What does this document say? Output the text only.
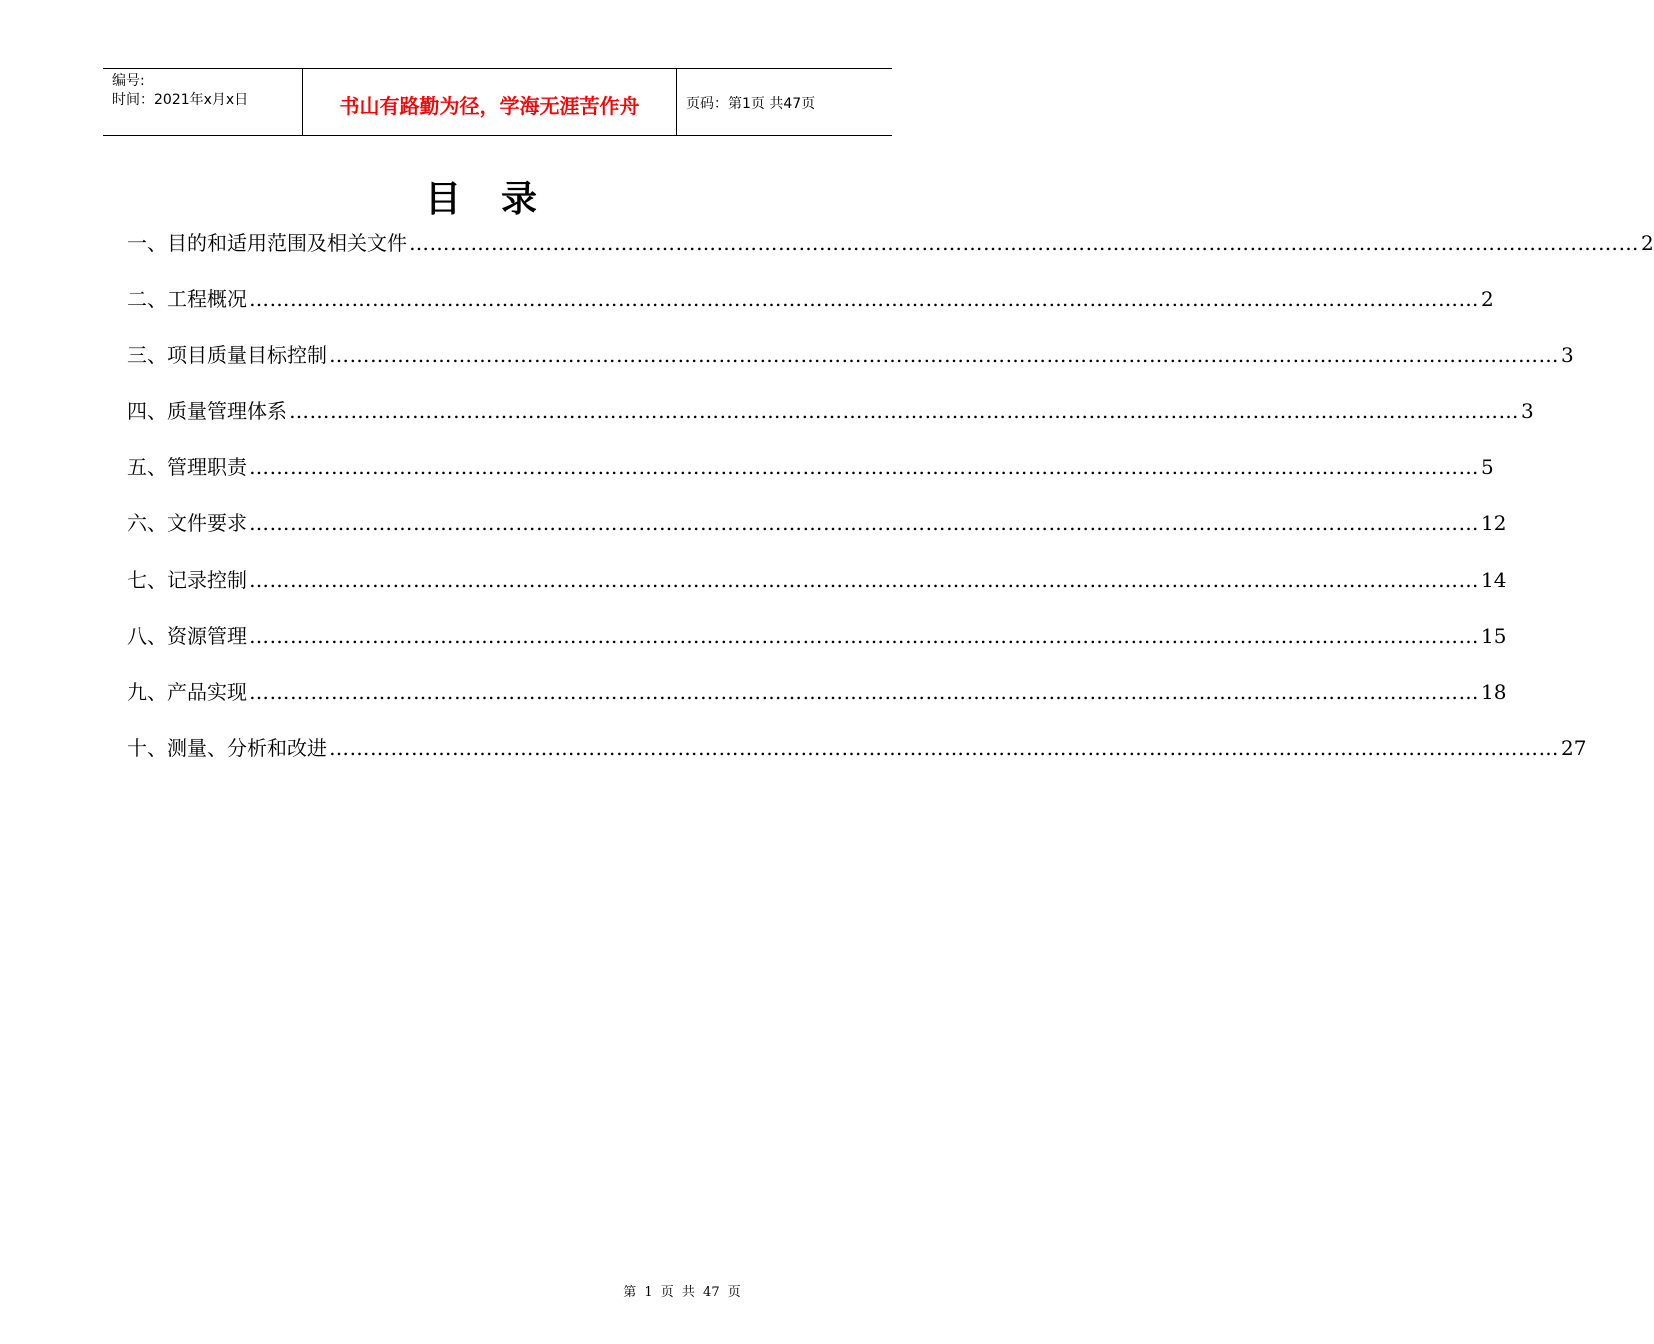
编号:
时间：2021年x月x日	书山有路勤为径，学海无涯苦作舟	页码：第1页 共47页
目录
一、目的和适用范围及相关文件 ……………………………………………………………………………………………………………………………………………………………… 2
二、工程概况 ……………………………………………………………………………………………………………………………………………………………… 2
三、项目质量目标控制 ……………………………………………………………………………………………………………………………………………………………… 3
四、质量管理体系 ……………………………………………………………………………………………………………………………………………………………… 3
五、管理职责 ……………………………………………………………………………………………………………………………………………………………… 5
六、文件要求 ……………………………………………………………………………………………………………………………………………………………… 12
七、记录控制 ……………………………………………………………………………………………………………………………………………………………… 14
八、资源管理 ……………………………………………………………………………………………………………………………………………………………… 15
九、产品实现 ……………………………………………………………………………………………………………………………………………………………… 18
十、测量、分析和改进 ……………………………………………………………………………………………………………………………………………………………… 27
第 1 页 共 47 页
